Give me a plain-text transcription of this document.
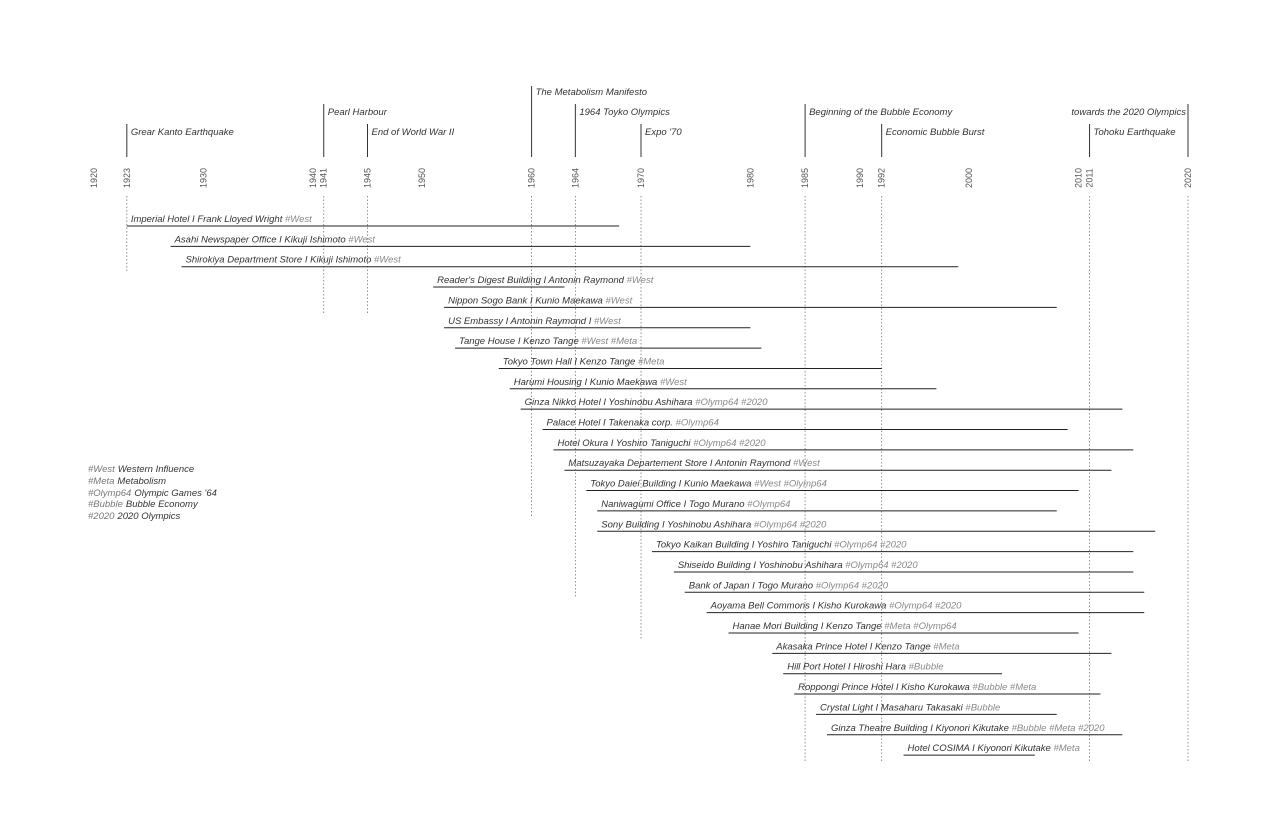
Grear Kanto Earthquake
Pearl Harbour
End of World War II
The Metabolism Manifesto
1964 Toyko Olympics
Expo '70
Beginning of the Bubble Economy
Economic Bubble Burst
towards the 2020 Olympics
Tohoku Earthquake
1920	1923	1930	1940 1941	1945	1950	1960	1964	1970	1980	1985	1990 1992	2000	2010 2011	2020
Imperial Hotel I Frank Lloyed Wright #West
Asahi Newspaper Office I Kikuji Ishimoto #West
Shirokiya Department Store I Kikuji Ishimoto #West
Reader's Digest Building I Antonin Raymond #West
Nippon Sogo Bank I Kunio Maekawa #West
US Embassy I Antonin Raymond I #West
Tange House I Kenzo Tange #West #Meta
Tokyo Town Hall I Kenzo Tange #Meta
Harumi Housing I Kunio Maekawa #West
Ginza Nikko Hotel I Yoshinobu Ashihara #Olymp64 #2020
Palace Hotel I Takenaka corp. #Olymp64
Hotel Okura I Yoshiro Taniguchi #Olymp64 #2020
Matsuzayaka Departement Store I Antonin Raymond #West
Tokyo Daiei Building I Kunio Maekawa #West #Olymp64
Naniwagumi Office I Togo Murano #Olymp64
Sony Building I Yoshinobu Ashihara #Olymp64 #2020
Tokyo Kaikan Building I Yoshiro Taniguchi #Olymp64 #2020
Shiseido Building I Yoshinobu Ashihara #Olymp64 #2020
Bank of Japan I Togo Murano #Olymp64 #2020
Aoyama Bell Commons I Kisho Kurokawa #Olymp64 #2020
Hanae Mori Building I Kenzo Tange #Meta #Olymp64
Akasaka Prince Hotel I Kenzo Tange #Meta
Hill Port Hotel I Hiroshi Hara #Bubble
Roppongi Prince Hotel I Kisho Kurokawa #Bubble #Meta
Crystal Light I Masaharu Takasaki #Bubble
Ginza Theatre Building I Kiyonori Kikutake #Bubble #Meta #2020
Hotel COSIMA I Kiyonori Kikutake #Meta
#West Western Influence
#Meta Metabolism
#Olymp64 Olympic Games '64
#Bubble Bubble Economy
#2020 2020 Olympics
